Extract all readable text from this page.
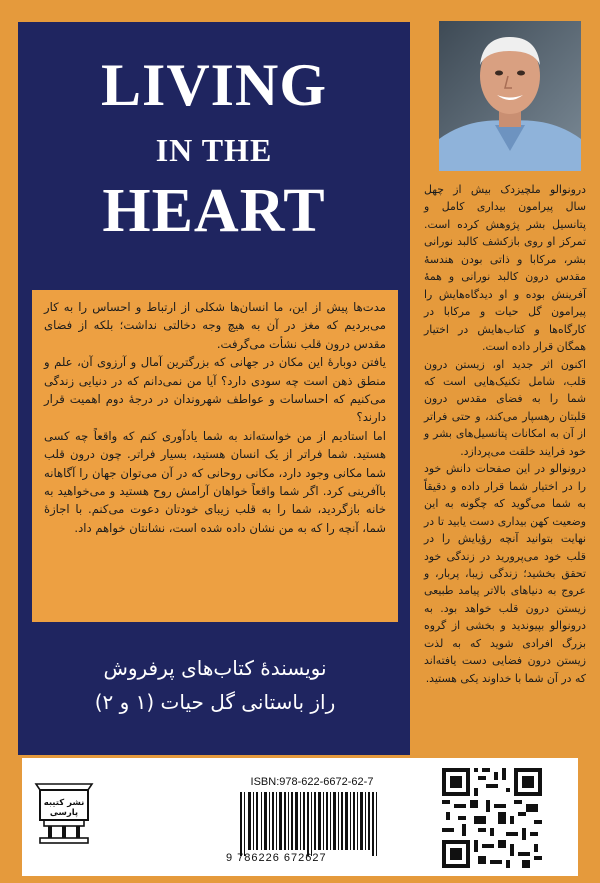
LIVING
IN THE
HEART

مدت‌ها پیش از این، ما انسان‌ها شکلی از ارتباط و احساس را به کار می‌بردیم که مغز در آن به هیچ وجه دخالتی نداشت؛ بلکه از فضای مقدس درون قلب نشأت می‌گرفت.

یافتن دوبارهٔ این مکان در جهانی که بزرگترین آمال و آرزوی آن، علم و منطق ذهن است چه سودی دارد؟ آیا من نمی‌دانم که در دنیایی زندگی می‌کنیم که احساسات و عواطف شهروندان در درجهٔ دوم اهمیت قرار دارند؟

اما استادیم از من خواسته‌اند به شما یادآوری کنم که واقعاً چه کسی هستید. شما فراتر از یک انسان هستید، بسیار فراتر. چون درون قلب شما مکانی وجود دارد، مکانی روحانی که در آن می‌توان جهان را آگاهانه باآفرینی کرد. اگر شما واقعاً خواهان آرامش روح هستید و می‌خواهید به خانه بازگردید، شما را به قلب زیبای خودتان دعوت می‌کنم. با اجازهٔ شما، آنچه را که به من نشان داده شده است، نشانتان خواهم داد.

درونوالو ملچیزدک بیش از چهل سال پیرامون بیداری کامل و پتانسیل بشر پژوهش کرده است. تمرکز او روی بازکشف کالبد نورانی بشر، مرکابا و ذاتی بودن هندسهٔ مقدس درون کالبد نورانی و همهٔ آفرینش بوده و او دیدگاه‌هایش را پیرامون گل حیات و مرکابا در کارگاه‌ها و کتاب‌هایش در اختیار همگان قرار داده است.

اکنون اثر جدید او، زیستن درون قلب، شامل تکنیک‌هایی است که شما را به فضای مقدس درون قلبتان رهسپار می‌کند، و حتی فراتر از آن به امکانات پتانسیل‌های بشر و خود فرایند خلقت می‌پردازد.

درونوالو در این صفحات دانش خود را در اختیار شما قرار داده و دقیقاً به شما می‌گوید که چگونه به این وضعیت کهن بیداری دست یابید تا در نهایت بتوانید آنچه رؤیایش را در قلب خود می‌پرورید در زندگی خود تحقق بخشید؛ زندگی زیبا، پربار، و عروج به دنیاهای بالاتر پیامد طبیعی زیستن درون قلب خواهد بود. به درونوالو بپیوندید و بخشی از گروه بزرگ افرادی شوید که به لذت زیستن درون فضایی دست یافته‌اند که در آن شما با خداوند یکی هستید.

نویسندهٔ کتاب‌های پرفروش
راز باستانی گل حیات (۱ و ۲)
نشر کتیبه پارسی
ISBN:978-622-6672-62-7
9 786226 672627
